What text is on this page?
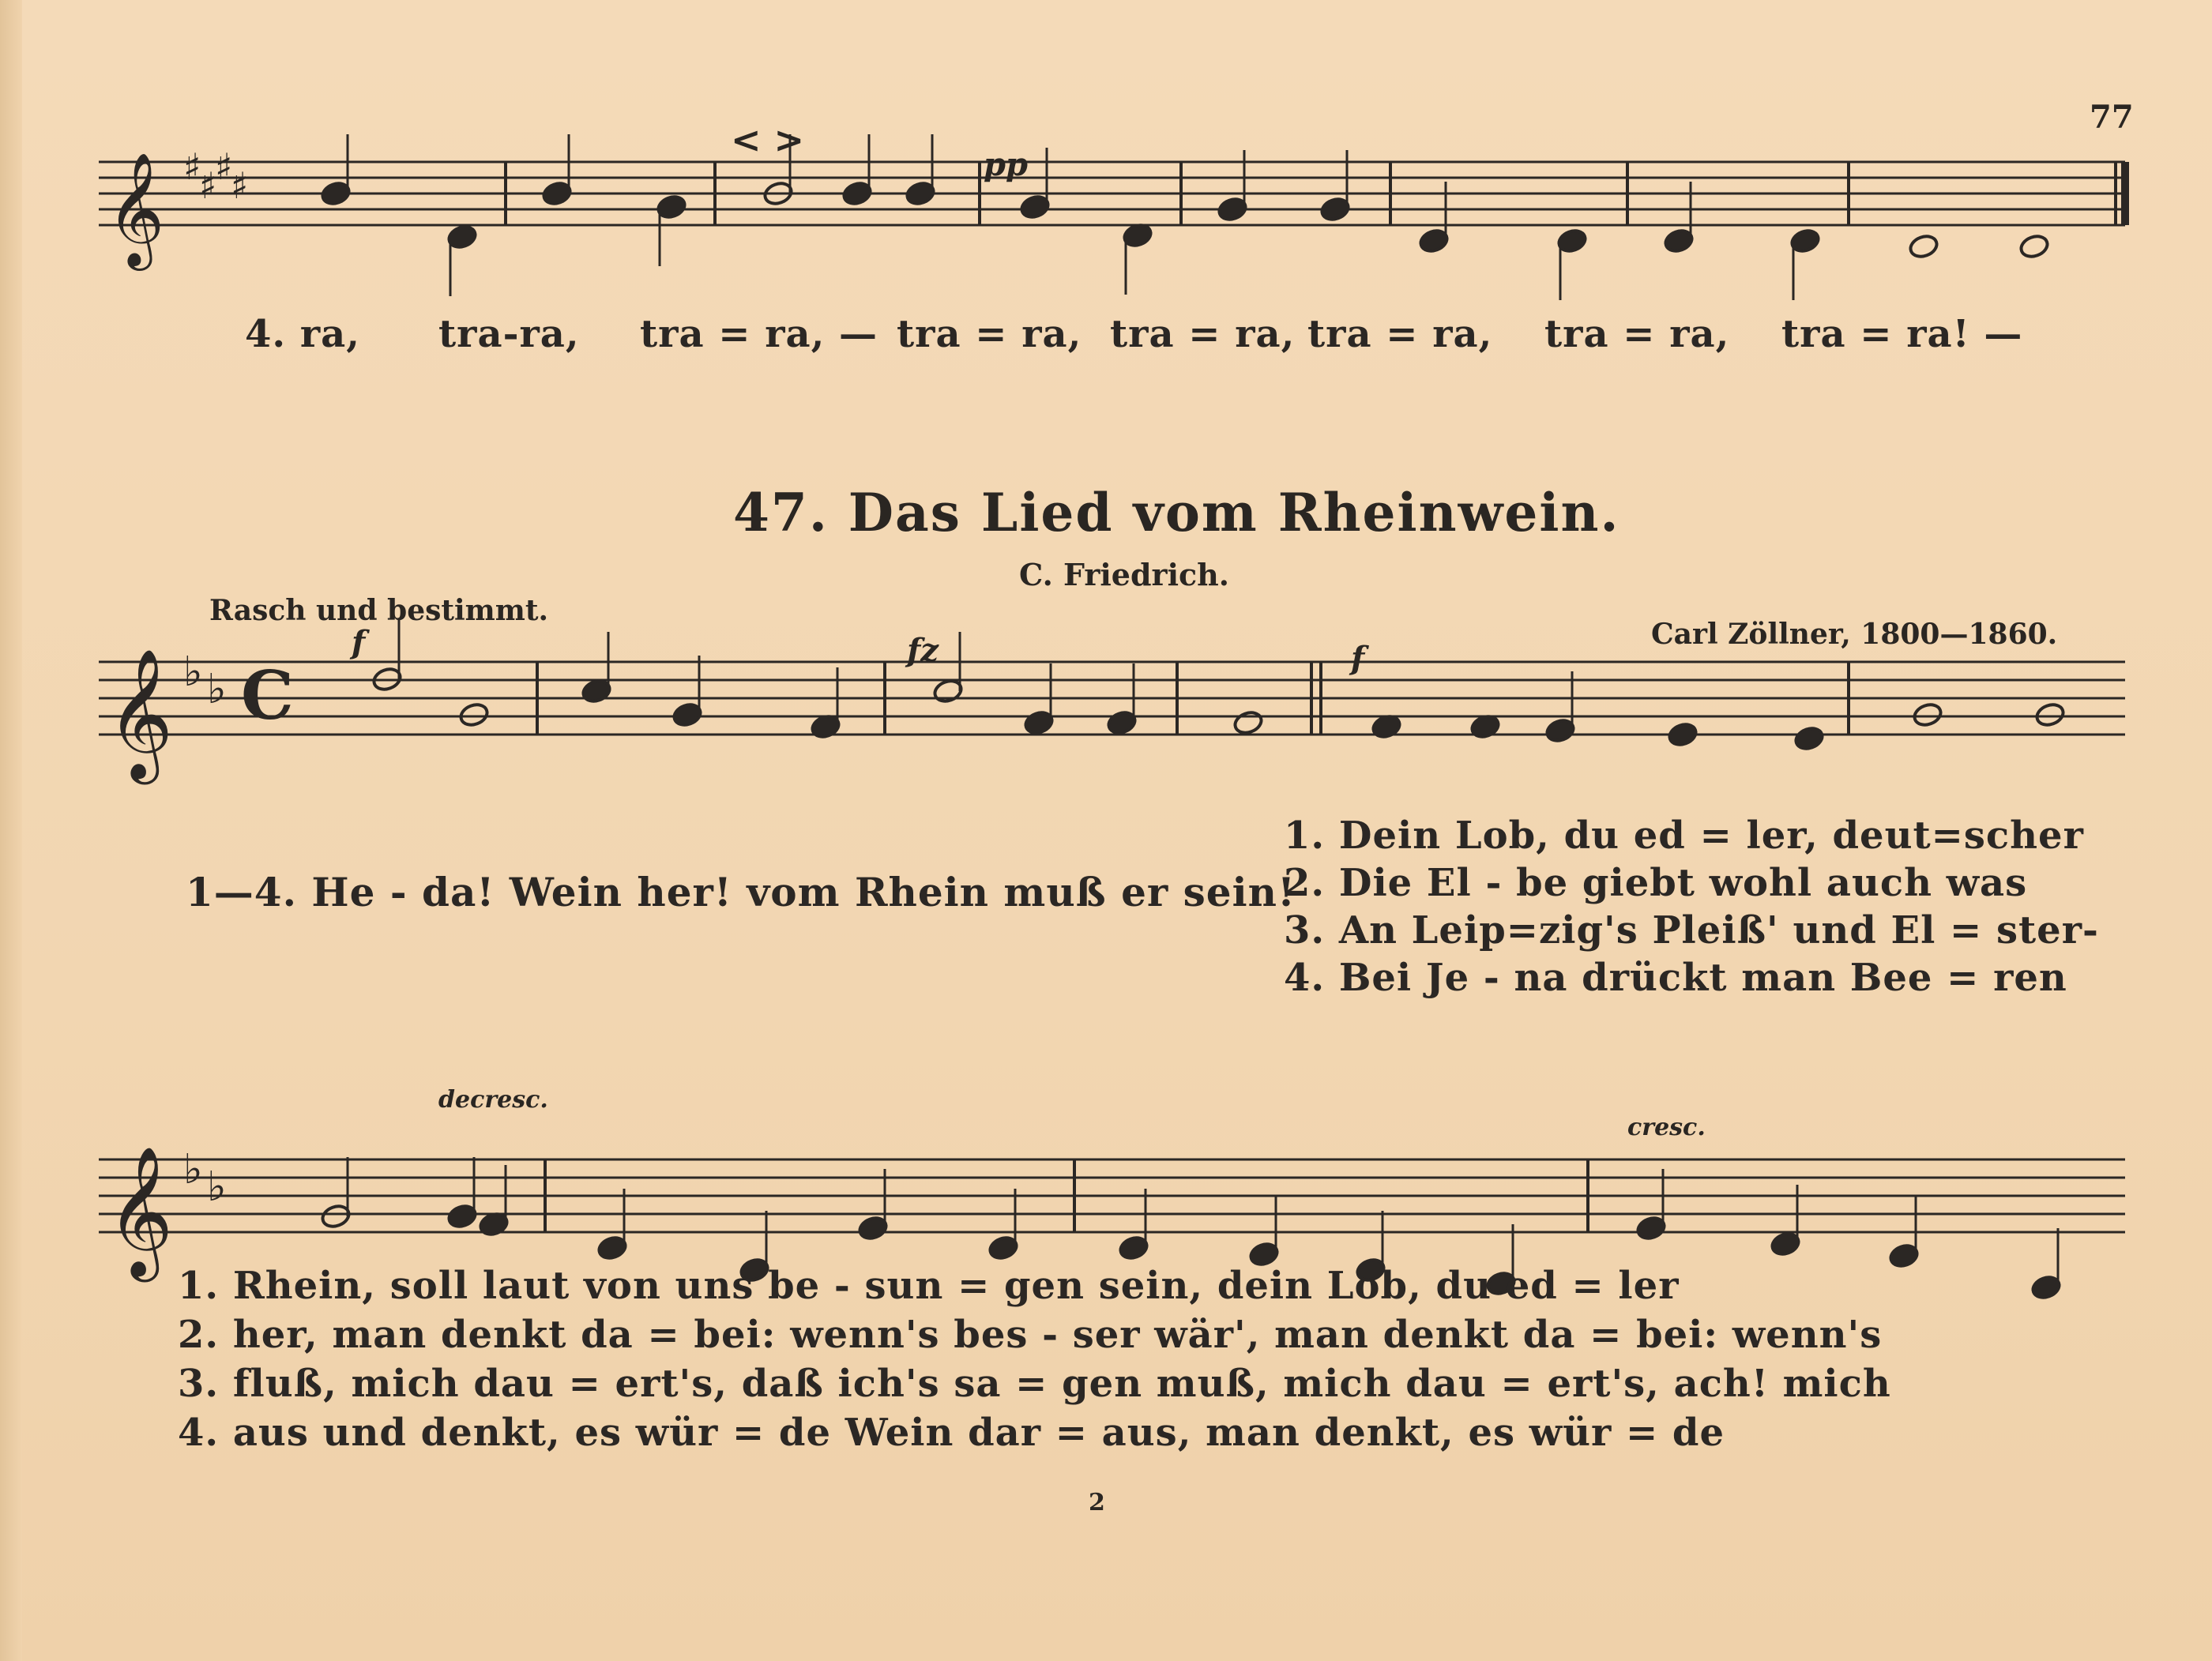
𝄞 ♯
♯
♯
♯
𝄞 ♭ ♭ C
𝄞 ♭ ♭
77
< >
pp
4. ra, tra-ra, tra = ra, — tra = ra, tra = ra, tra = ra, tra = ra, tra = ra! —
47. Das Lied vom Rheinwein.
C. Friedrich.
Rasch und bestimmt.
Carl Zöllner, 1800—1860.
f	fz	f
1—4. He - da! Wein her! vom Rhein muß er sein!
1. Dein Lob, du ed = ler, deut=scher
2. Die El - be giebt wohl auch was
3. An Leip=zig's Pleiß' und El = ster-
4. Bei Je - na drückt man Bee = ren
decresc.
cresc.
1. Rhein, soll laut von uns be - sun = gen sein, dein Lob, du ed = ler
2. her, man denkt da = bei: wenn's bes - ser wär', man denkt da = bei: wenn's
3. fluß, mich dau = ert's, daß ich's sa = gen muß, mich dau = ert's, ach! mich
4. aus und denkt, es wür = de Wein dar = aus, man denkt, es wür = de
2
